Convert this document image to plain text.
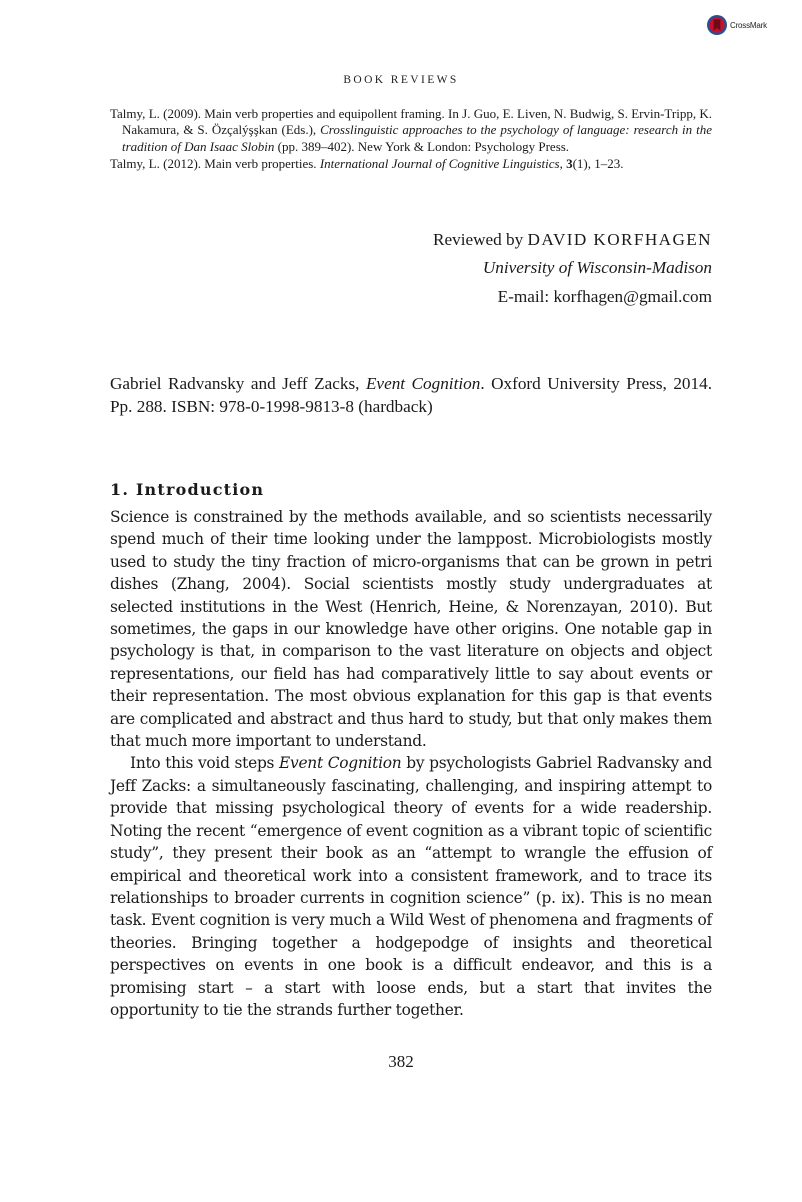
CrossMark
BOOK REVIEWS

Talmy, L. (2009). Main verb properties and equipollent framing. In J. Guo, E. Liven, N. Budwig, S. Ervin-Tripp, K. Nakamura, & S. Özçalýşşkan (Eds.), Crosslinguistic approaches to the psychology of language: research in the tradition of Dan Isaac Slobin (pp. 389–402). New York & London: Psychology Press.

Talmy, L. (2012). Main verb properties. International Journal of Cognitive Linguistics, 3(1), 1–23.

Reviewed by DAVID KORFHAGEN
University of Wisconsin-Madison
E-mail: korfhagen@gmail.com
Gabriel Radvansky and Jeff Zacks, Event Cognition. Oxford University Press, 2014. Pp. 288. ISBN: 978-0-1998-9813-8 (hardback)
1. Introduction

Science is constrained by the methods available, and so scientists necessarily spend much of their time looking under the lamppost. Microbiologists mostly used to study the tiny fraction of micro-organisms that can be grown in petri dishes (Zhang, 2004). Social scientists mostly study undergraduates at selected institutions in the West (Henrich, Heine, & Norenzayan, 2010). But sometimes, the gaps in our knowledge have other origins. One notable gap in psychology is that, in comparison to the vast literature on objects and object representations, our field has had comparatively little to say about events or their representation. The most obvious explanation for this gap is that events are complicated and abstract and thus hard to study, but that only makes them that much more important to understand.

Into this void steps Event Cognition by psychologists Gabriel Radvansky and Jeff Zacks: a simultaneously fascinating, challenging, and inspiring attempt to provide that missing psychological theory of events for a wide readership. Noting the recent “emergence of event cognition as a vibrant topic of scientific study”, they present their book as an “attempt to wrangle the effusion of empirical and theoretical work into a consistent framework, and to trace its relationships to broader currents in cognition science” (p. ix). This is no mean task. Event cognition is very much a Wild West of phenomena and fragments of theories. Bringing together a hodgepodge of insights and theoretical perspectives on events in one book is a difficult endeavor, and this is a promising start – a start with loose ends, but a start that invites the opportunity to tie the strands further together.

382
